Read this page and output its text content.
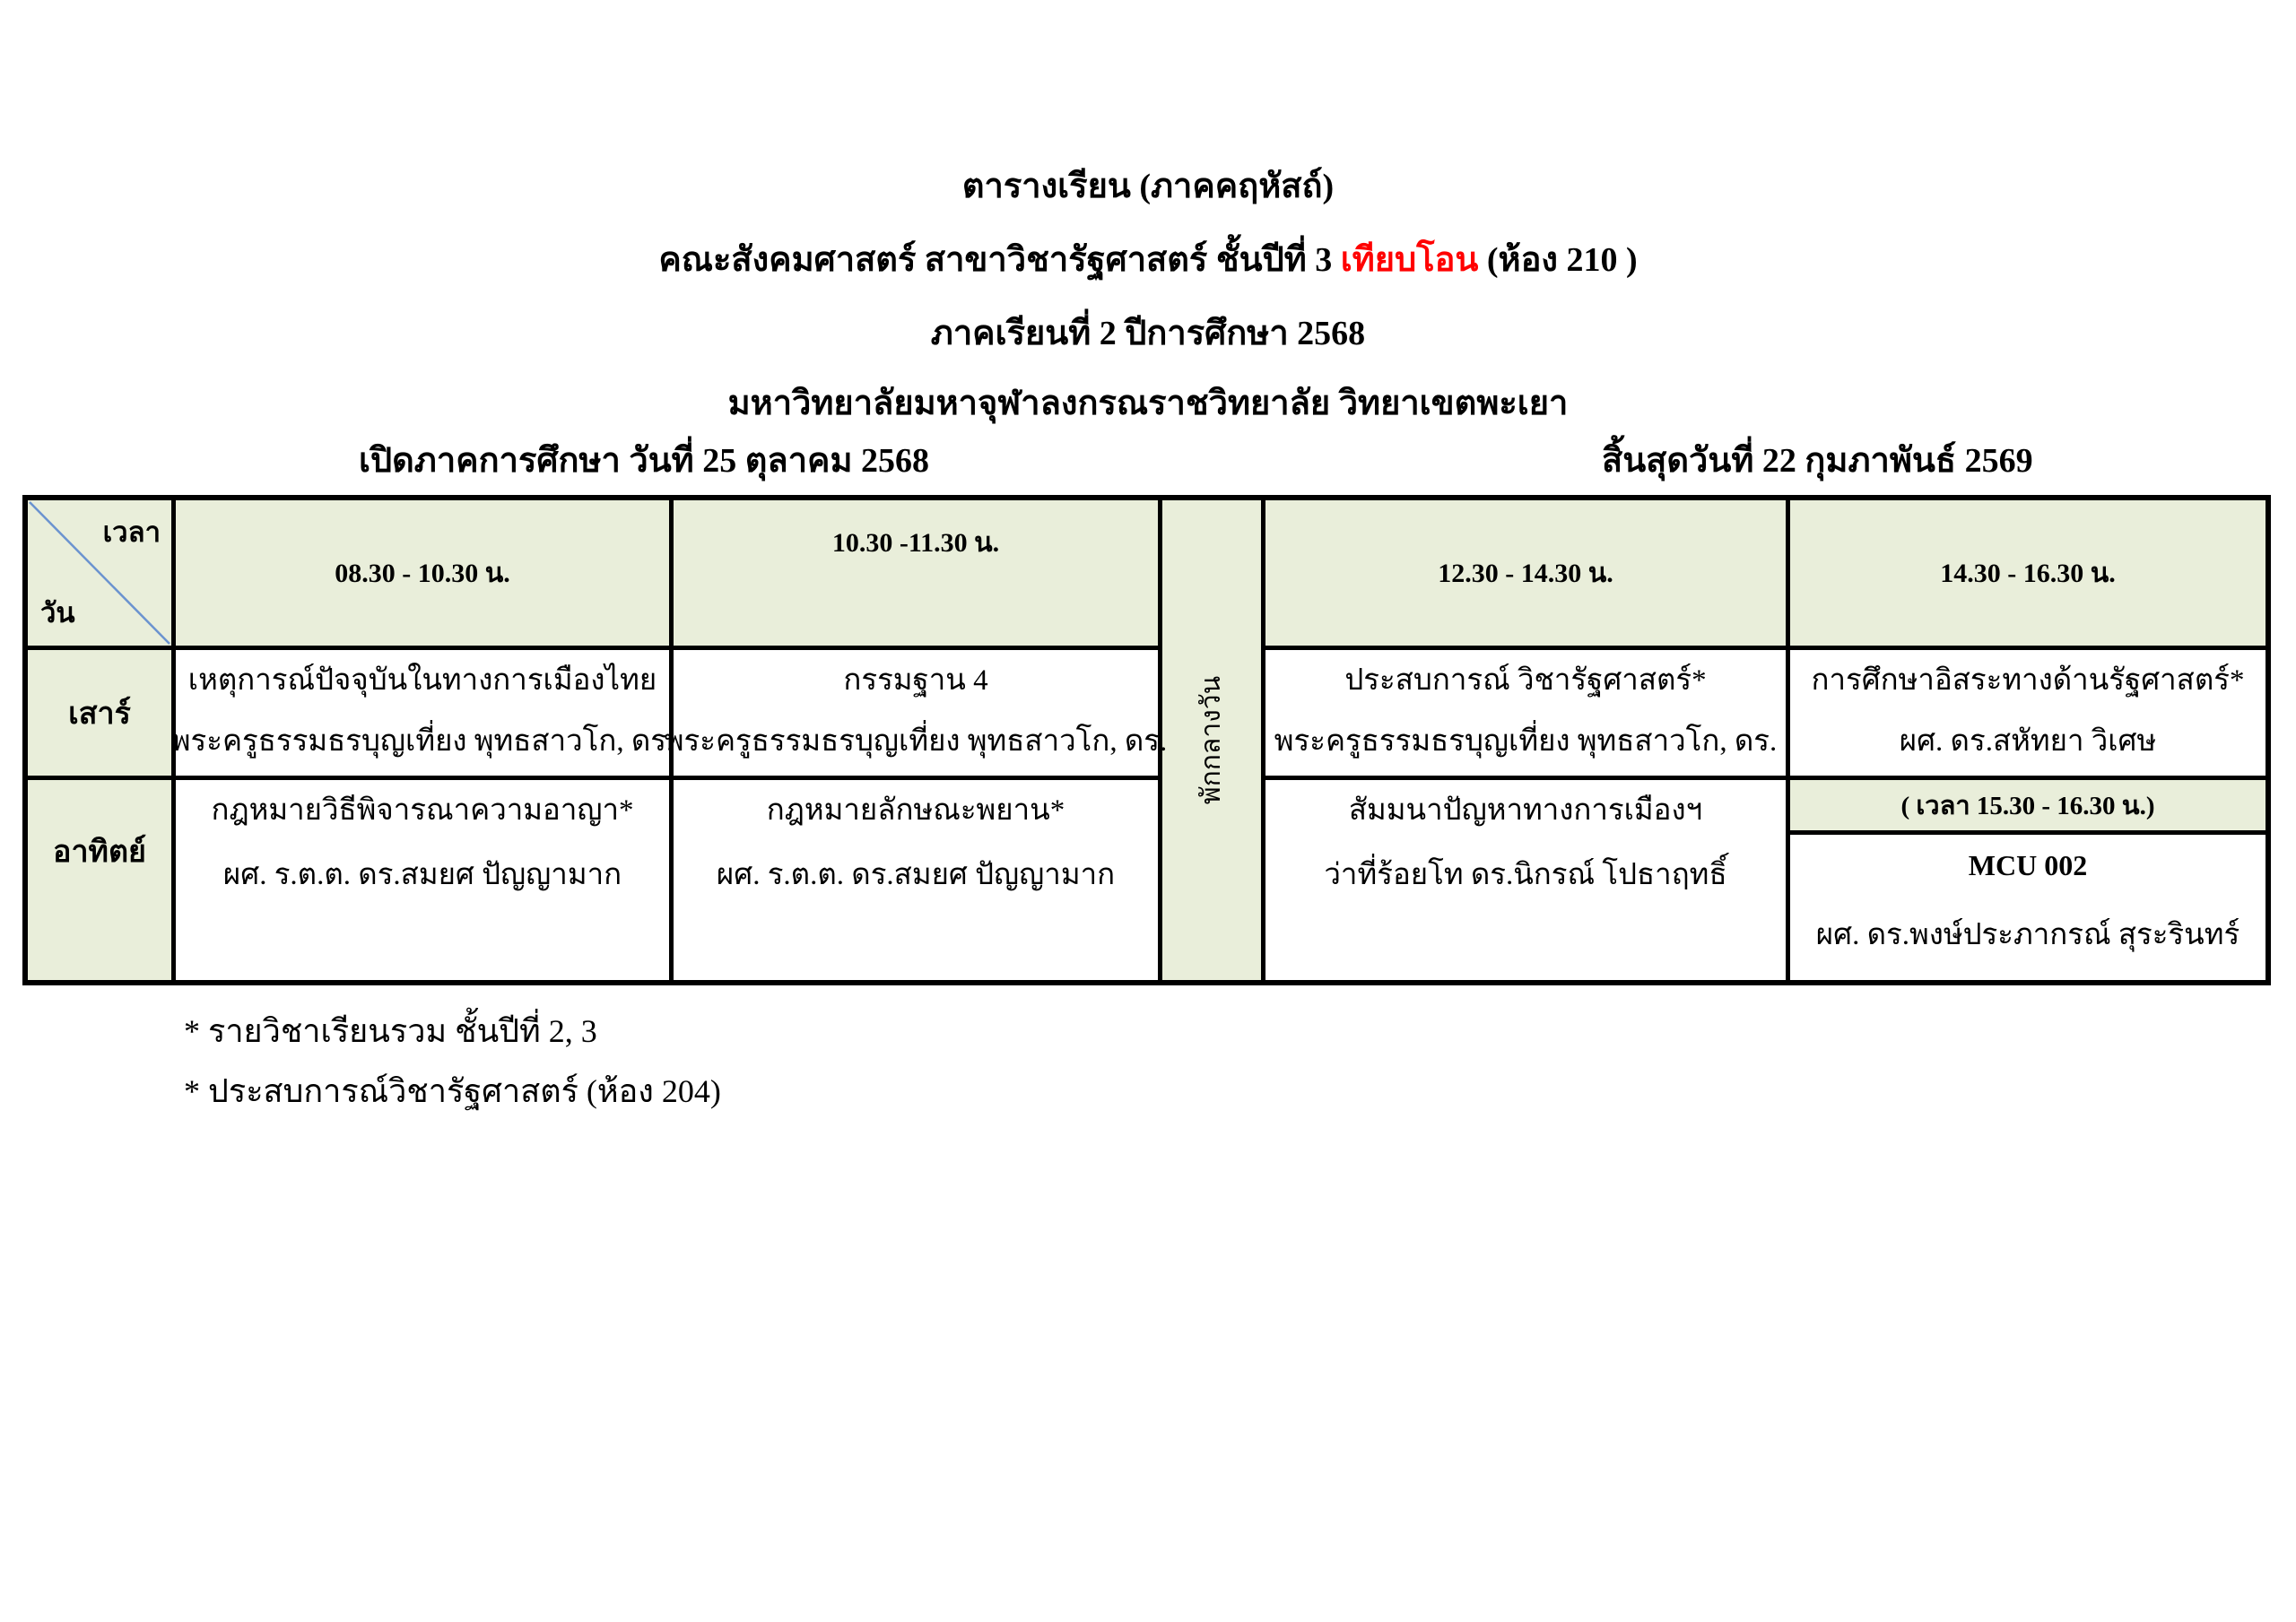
ตารางเรียน (ภาคคฤหัสถ์)
คณะสังคมศาสตร์ สาขาวิชารัฐศาสตร์ ชั้นปีที่ 3 เทียบโอน (ห้อง 210 )
ภาคเรียนที่ 2 ปีการศึกษา 2568
มหาวิทยาลัยมหาจุฬาลงกรณราชวิทยาลัย วิทยาเขตพะเยา
เปิดภาคการศึกษา วันที่ 25 ตุลาคม 2568	สิ้นสุดวันที่ 22 กุมภาพันธ์ 2569
เวลา
วัน
08.30 - 10.30 น.
10.30 -11.30 น.
พักกลางวัน
12.30 - 14.30 น.	14.30 - 16.30 น.
เสาร์
เหตุการณ์ปัจจุบันในทางการเมืองไทย
พระครูธรรมธรบุญเที่ยง พุทธสาวโก, ดร.
กรรมฐาน 4
พระครูธรรมธรบุญเที่ยง พุทธสาวโก, ดร.
ประสบการณ์ วิชารัฐศาสตร์*
พระครูธรรมธรบุญเที่ยง พุทธสาวโก, ดร.
การศึกษาอิสระทางด้านรัฐศาสตร์*
ผศ. ดร.สหัทยา วิเศษ
อาทิตย์
กฎหมายวิธีพิจารณาความอาญา*
ผศ. ร.ต.ต. ดร.สมยศ ปัญญามาก
กฎหมายลักษณะพยาน*
ผศ. ร.ต.ต. ดร.สมยศ ปัญญามาก
สัมมนาปัญหาทางการเมืองฯ
ว่าที่ร้อยโท ดร.นิกรณ์ โปธาฤทธิ์
( เวลา 15.30 - 16.30 น.)
MCU 002
ผศ. ดร.พงษ์ประภากรณ์ สุระรินทร์
* รายวิชาเรียนรวม ชั้นปีที่ 2, 3
* ประสบการณ์วิชารัฐศาสตร์ (ห้อง 204)
